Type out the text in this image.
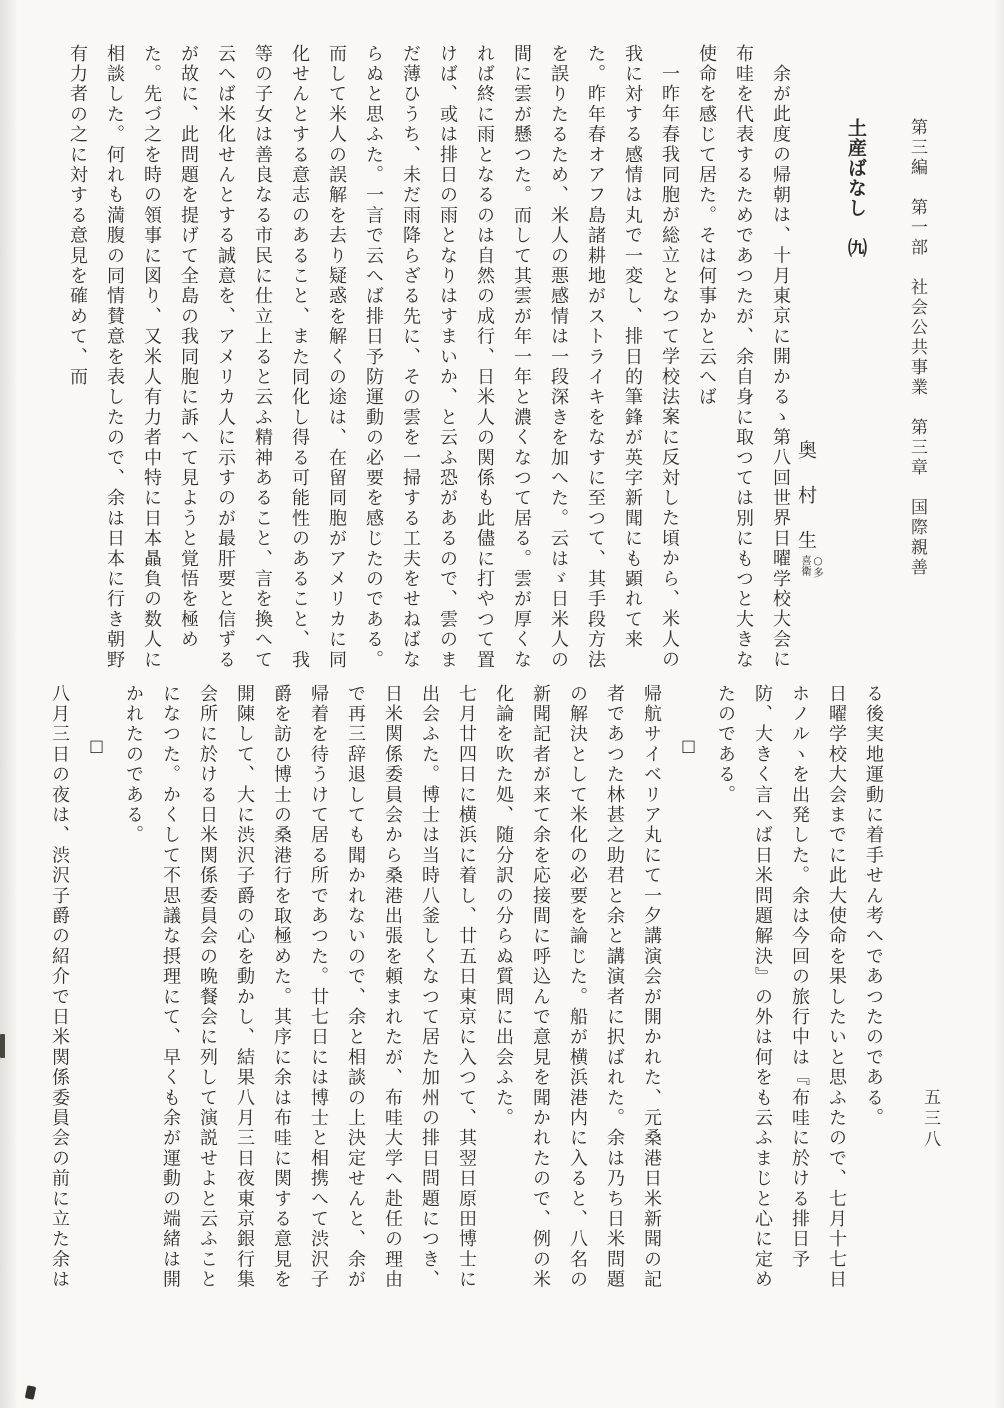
第三編　第一部　社会公共事業　第三章　国際親善
土産ばなし　㈨
奥　村　生○多喜衛
五三八

余が此度の帰朝は、十月東京に開かるゝ第八回世界日曜学校大会に布哇を代表するためであつたが、余自身に取つては別にもつと大きな使命を感じて居た。そは何事かと云へば

一昨年春我同胞が総立となつて学校法案に反対した頃から、米人の我に対する感情は丸で一変し、排日的筆鋒が英字新聞にも顕れて来た。昨年春オアフ島諸耕地がストライキをなすに至つて、其手段方法を誤りたるため、米人の悪感情は一段深きを加へた。云はゞ日米人の間に雲が懸つた。而して其雲が年一年と濃くなつて居る。雲が厚くなれば終に雨となるのは自然の成行、日米人の関係も此儘に打やつて置けば、或は排日の雨となりはすまいか、と云ふ恐があるので、雲のまだ薄ひうち、未だ雨降らざる先に、その雲を一掃する工夫をせねばならぬと思ふた。一言で云へば排日予防運動の必要を感じたのである。而して米人の誤解を去り疑惑を解くの途は、在留同胞がアメリカに同化せんとする意志のあること、また同化し得る可能性のあること、我等の子女は善良なる市民に仕立上ると云ふ精神あること、言を換へて云へば米化せんとする誠意を、アメリカ人に示すのが最肝要と信ずるが故に、此問題を提げて全島の我同胞に訴へて見ようと覚悟を極めた。先づ之を時の領事に図り、又米人有力者中特に日本贔負の数人に相談した。何れも満腹の同情賛意を表したので、余は日本に行き朝野有力者の之に対する意見を確めて、而

る後実地運動に着手せん考へであつたのである。

日曜学校大会までに此大使命を果したいと思ふたので、七月十七日ホノルヽを出発した。余は今回の旅行中は『布哇に於ける排日予防、大きく言へば日米問題解決』の外は何をも云ふまじと心に定めたのである。

□

帰航サイベリア丸にて一夕講演会が開かれた、元桑港日米新聞の記者であつた林甚之助君と余と講演者に択ばれた。余は乃ち日米問題の解決として米化の必要を論じた。船が横浜港内に入ると、八名の新聞記者が来て余を応接間に呼込んで意見を聞かれたので、例の米化論を吹た処、随分訳の分らぬ質問に出会ふた。

七月廿四日に横浜に着し、廿五日東京に入つて、其翌日原田博士に出会ふた。博士は当時八釜しくなつて居た加州の排日問題につき、日米関係委員会から桑港出張を頼まれたが、布哇大学へ赴任の理由で再三辞退しても聞かれないので、余と相談の上決定せんと、余が帰着を待うけて居る所であつた。廿七日には博士と相携へて渋沢子爵を訪ひ博士の桑港行を取極めた。其序に余は布哇に関する意見を開陳して、大に渋沢子爵の心を動かし、結果八月三日夜東京銀行集会所に於ける日米関係委員会の晩餐会に列して演説せよと云ふことになつた。かくして不思議な摂理にて、早くも余が運動の端緒は開かれたのである。

□

八月三日の夜は、渋沢子爵の紹介で日米関係委員会の前に立た余は
